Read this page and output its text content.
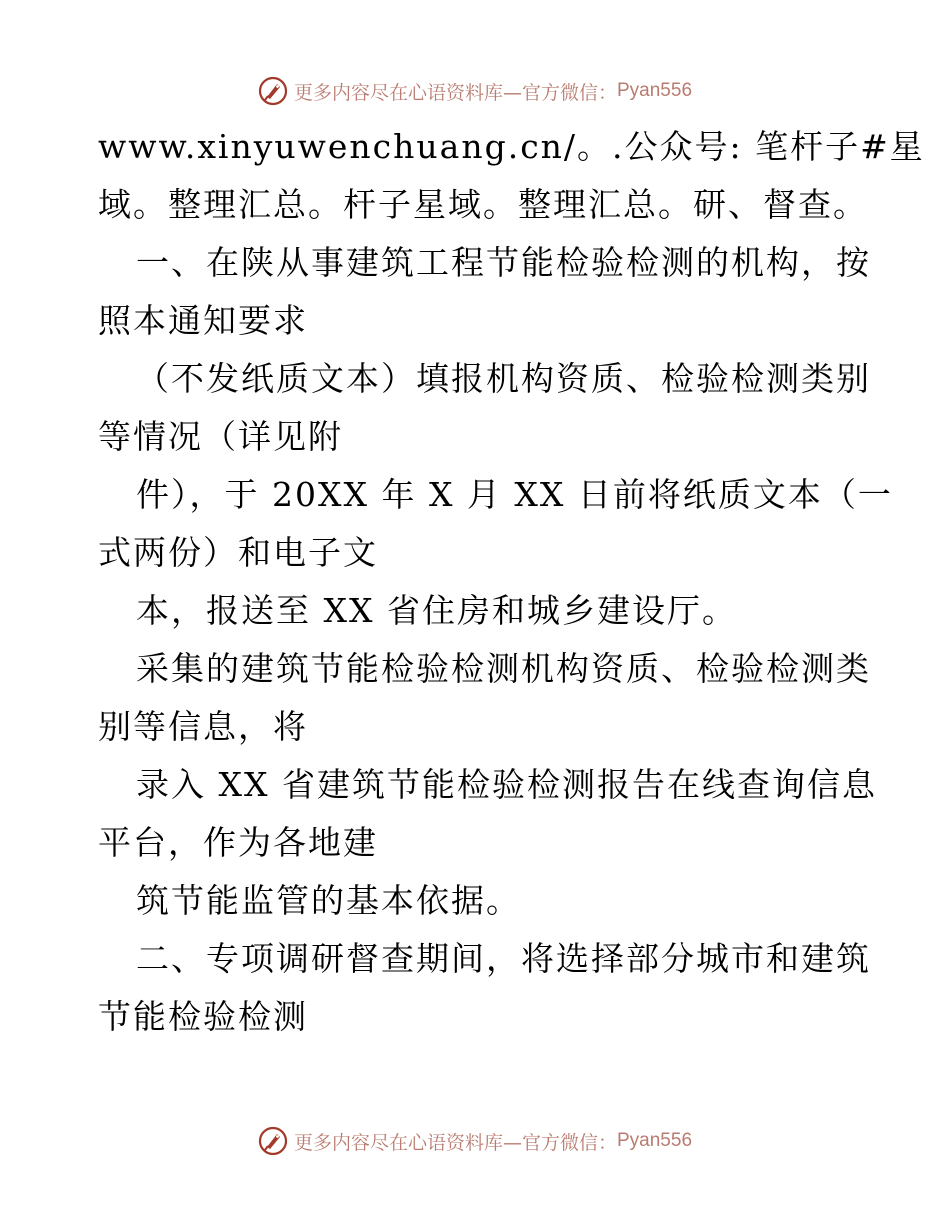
更多内容尽在心语资料库—官方微信： Pyan556
www.xinyuwenchuang.cn/。.公众号: 笔杆子#星
域。整理汇总。杆子星域。整理汇总。研、督查。
一、在陕从事建筑工程节能检验检测的机构，按
照本通知要求
（不发纸质文本）填报机构资质、检验检测类别
等情况（详见附
件），于 20XX 年 X 月 XX 日前将纸质文本（一
式两份）和电子文
本，报送至 XX 省住房和城乡建设厅。
采集的建筑节能检验检测机构资质、检验检测类
别等信息，将
录入 XX 省建筑节能检验检测报告在线查询信息
平台，作为各地建
筑节能监管的基本依据。
二、专项调研督查期间，将选择部分城市和建筑
节能检验检测
更多内容尽在心语资料库—官方微信： Pyan556
